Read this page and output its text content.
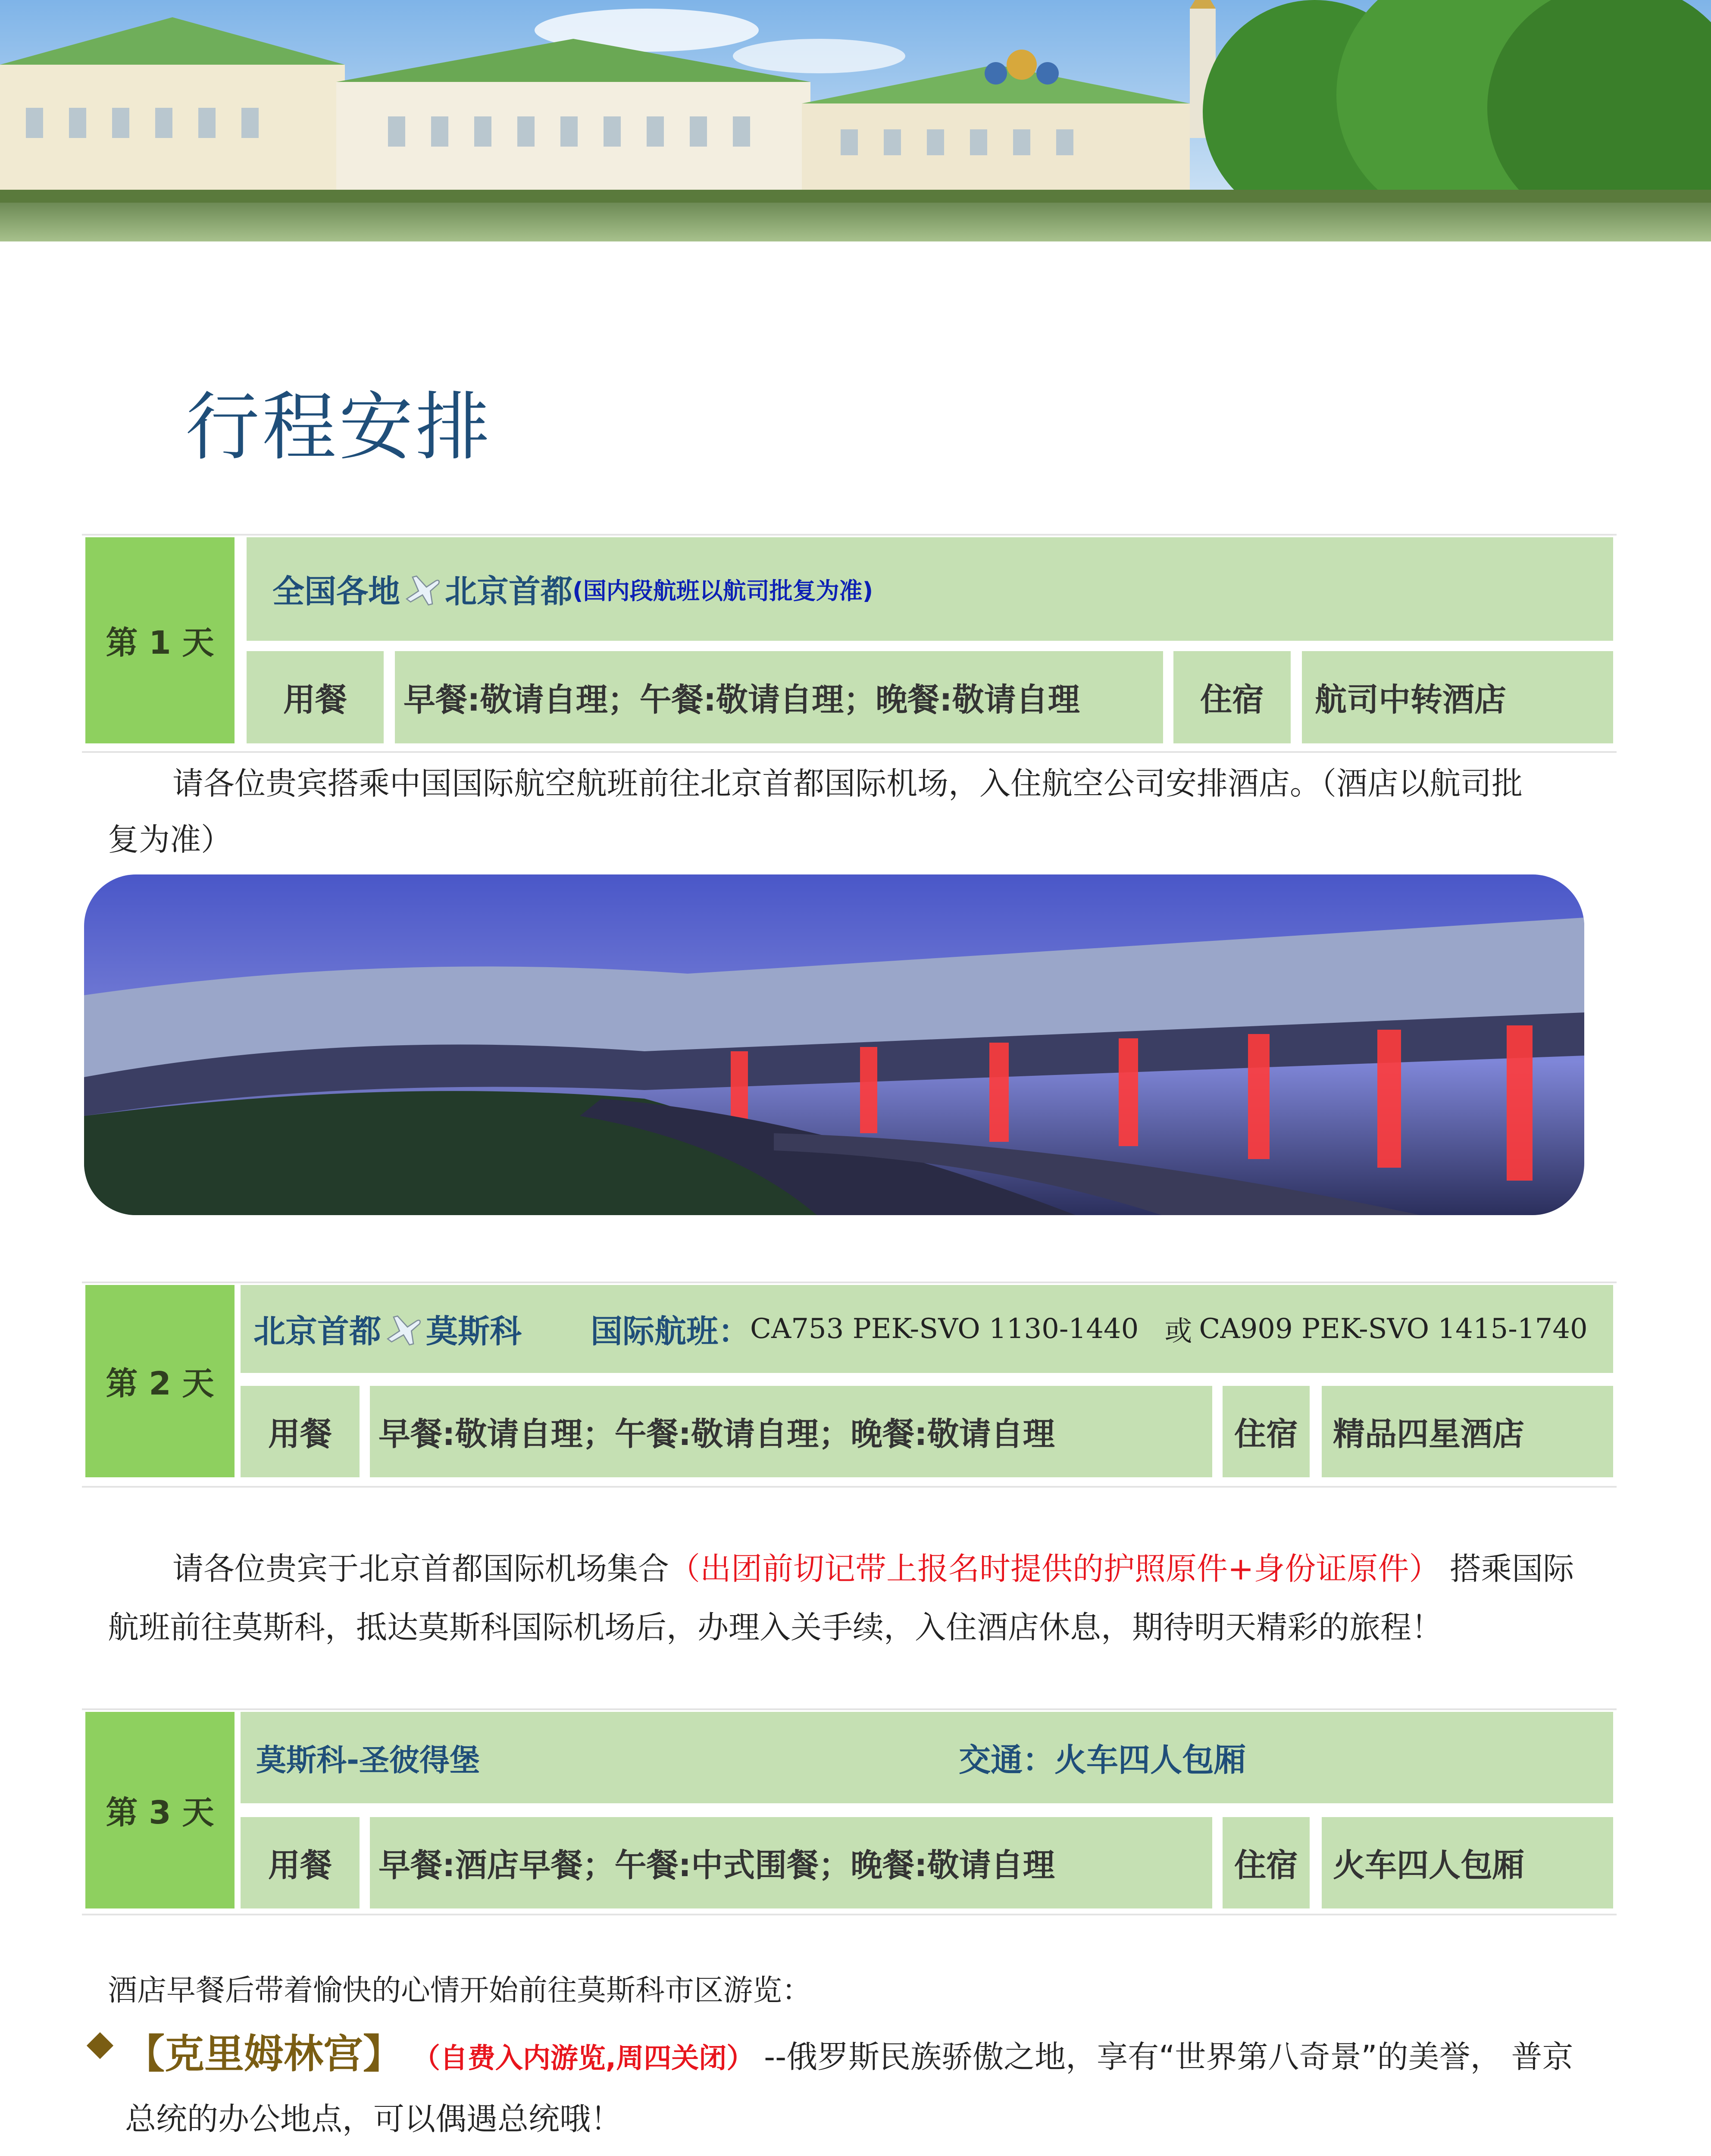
行程安排
第 1 天
全国各地 北京首都 (国内段航班以航司批复为准)
用餐	早餐:敬请自理；午餐:敬请自理；晚餐:敬请自理	住宿	航司中转酒店
请各位贵宾搭乘中国国际航空航班前往北京首都国际机场，入住航空公司安排酒店。（酒店以航司批复为准）
第 2 天
北京首都 莫斯科 国际航班： CA753 PEK-SVO 1130-1440 或 CA909 PEK-SVO 1415-1740
用餐	早餐:敬请自理；午餐:敬请自理；晚餐:敬请自理	住宿	精品四星酒店
请各位贵宾于北京首都国际机场集合（出团前切记带上报名时提供的护照原件+身份证原件） 搭乘国际航班前往莫斯科，抵达莫斯科国际机场后，办理入关手续，入住酒店休息，期待明天精彩的旅程！
第 3 天
莫斯科-圣彼得堡	交通：火车四人包厢
用餐	早餐:酒店早餐；午餐:中式围餐；晚餐:敬请自理	住宿	火车四人包厢
酒店早餐后带着愉快的心情开始前往莫斯科市区游览：
【克里姆林宫】 （自费入内游览,周四关闭） --俄罗斯民族骄傲之地，享有“世界第八奇景”的美誉， 普京总统的办公地点，可以偶遇总统哦！
